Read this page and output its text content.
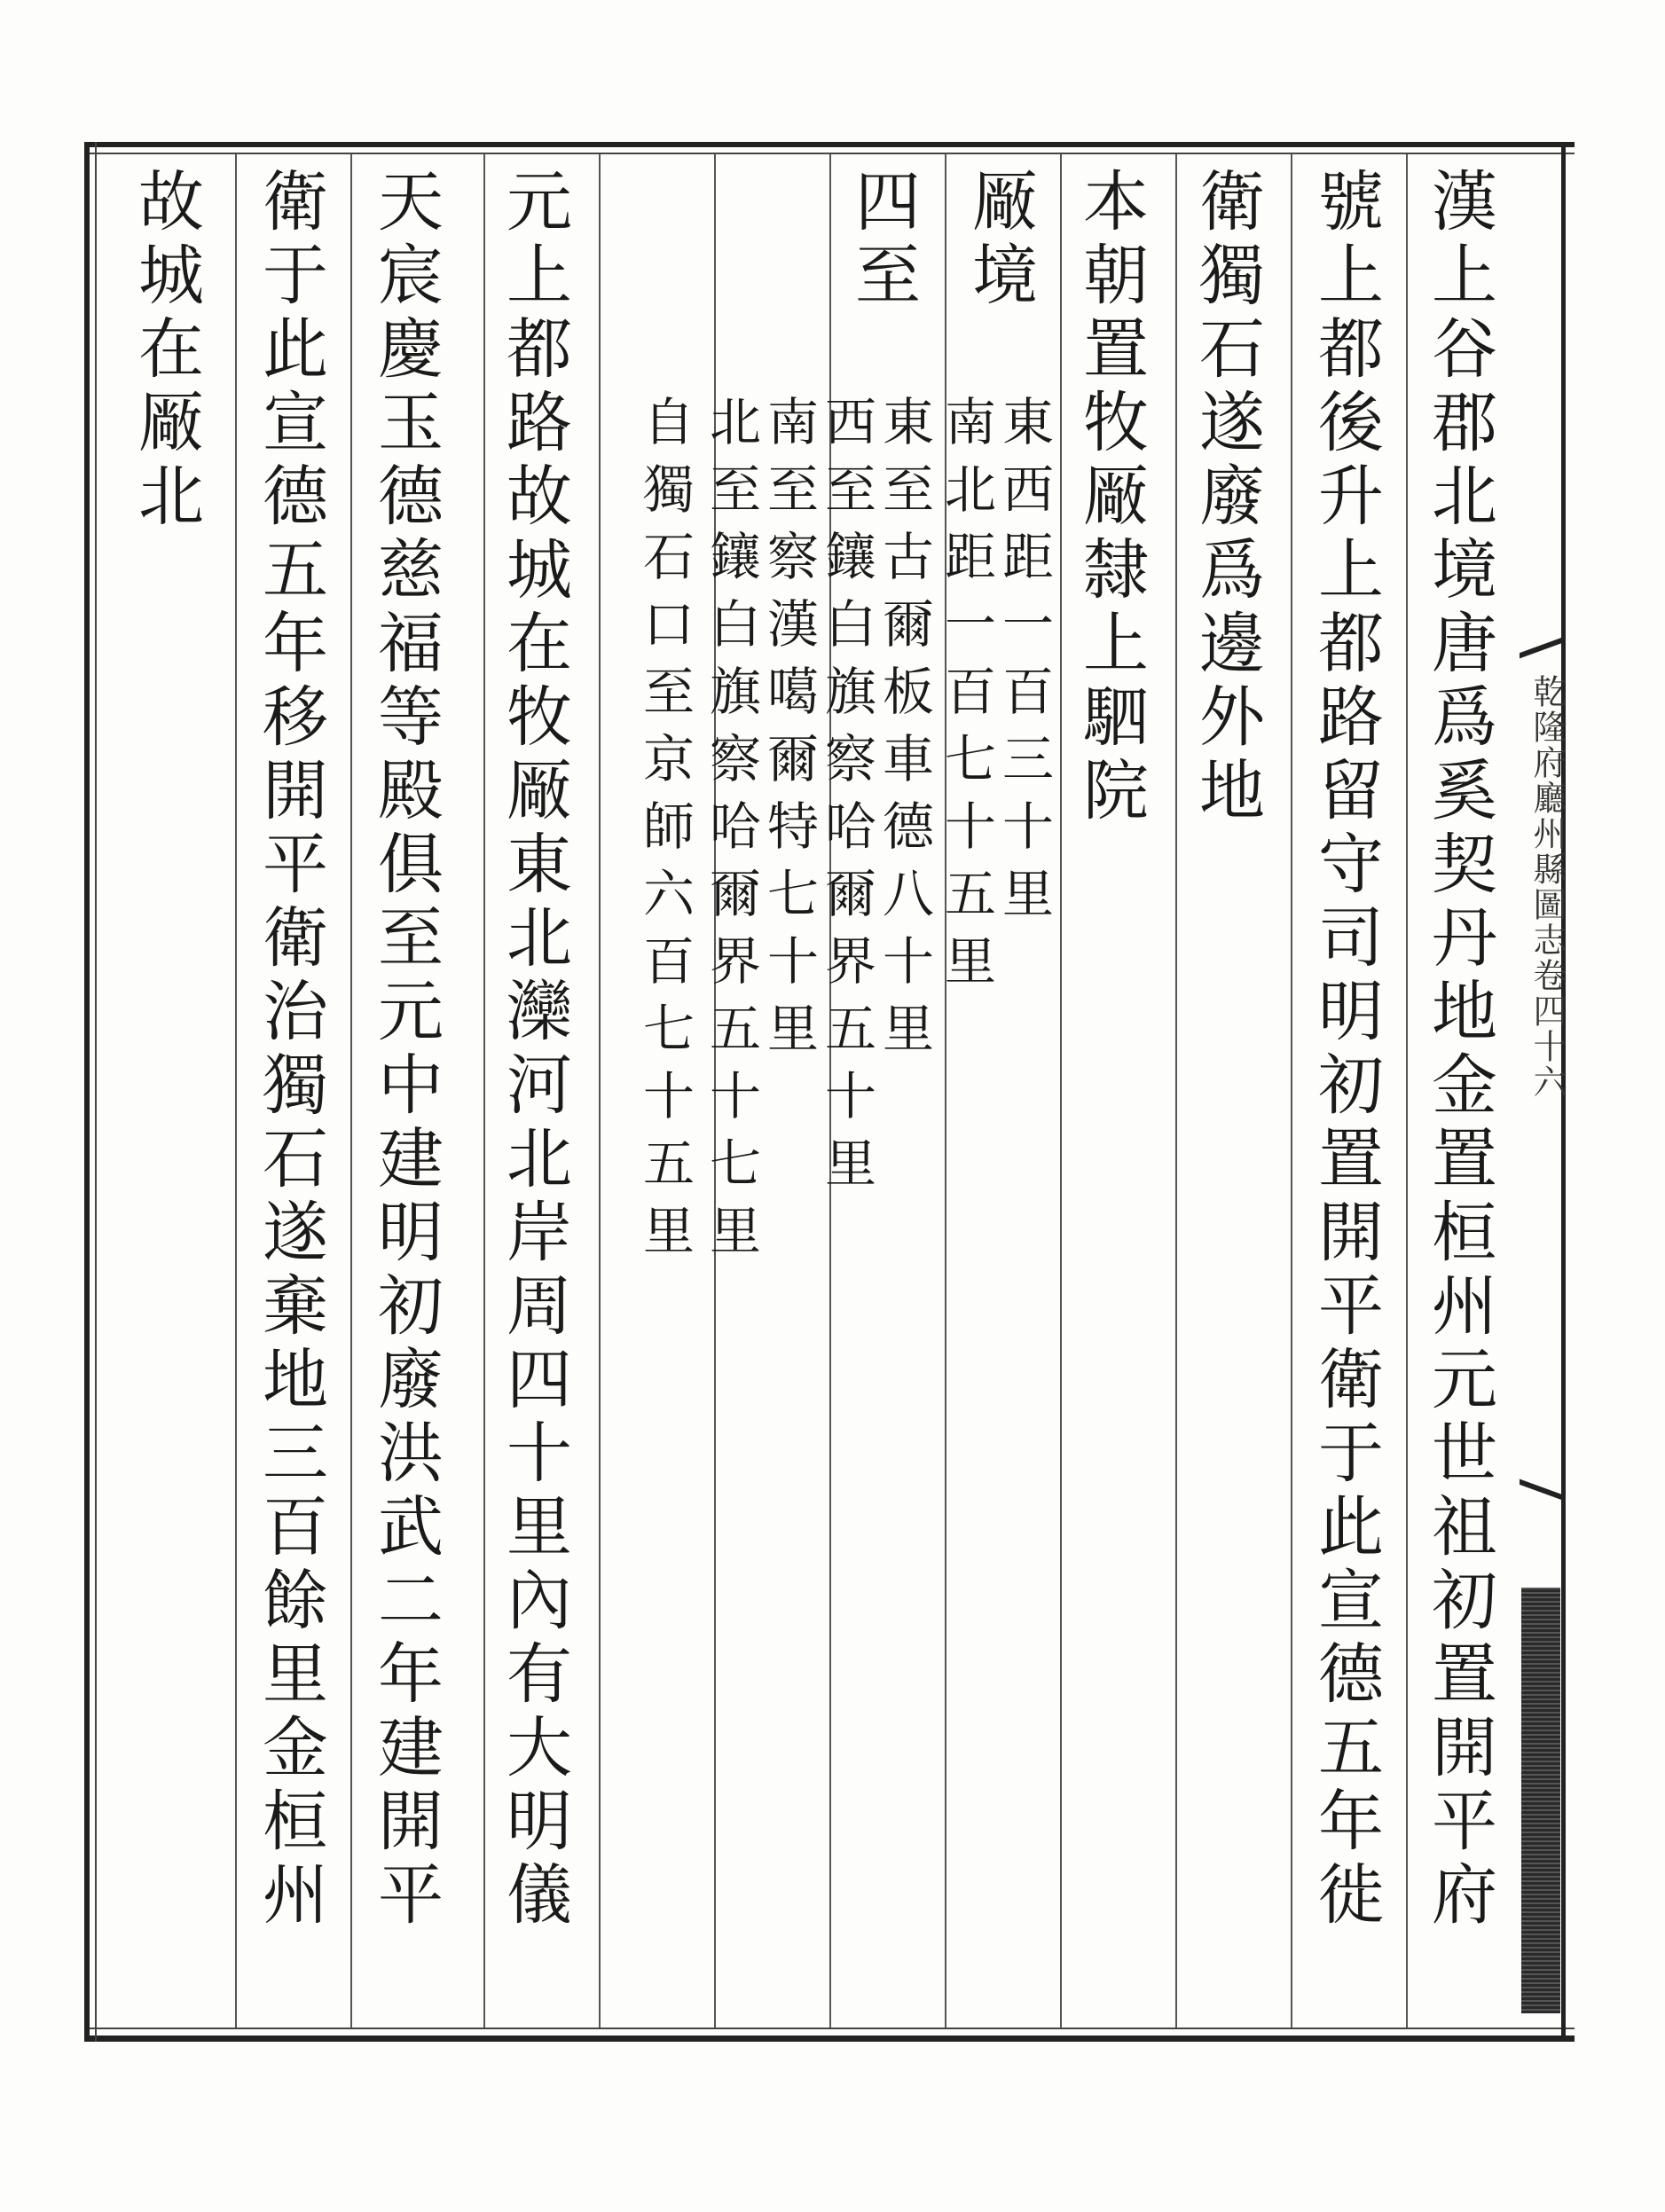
漢上谷郡北境唐爲奚契丹地金置桓州元世祖初置開平府
號上都後升上都路留守司明初置開平衛于此宣德五年徙
衛獨石遂廢爲邊外地
本朝置牧厰隸上駟院
厰境
四至
元上都路故城在牧厰東北灤河北岸周四十里內有大明儀
天宸慶玉德慈福等殿俱至元中建明初廢洪武二年建開平
衛于此宣德五年移開平衛治獨石遂棄地三百餘里金桓州
故城在厰北
東西距一百三十里
南北距一百七十五里
東至古爾板車德八十里
西至鑲白旗察哈爾界五十里
南至察漢噶爾特七十里
北至鑲白旗察哈爾界五十七里
自獨石口至京師六百七十五里	乾隆府廳州縣圖志卷四十六
